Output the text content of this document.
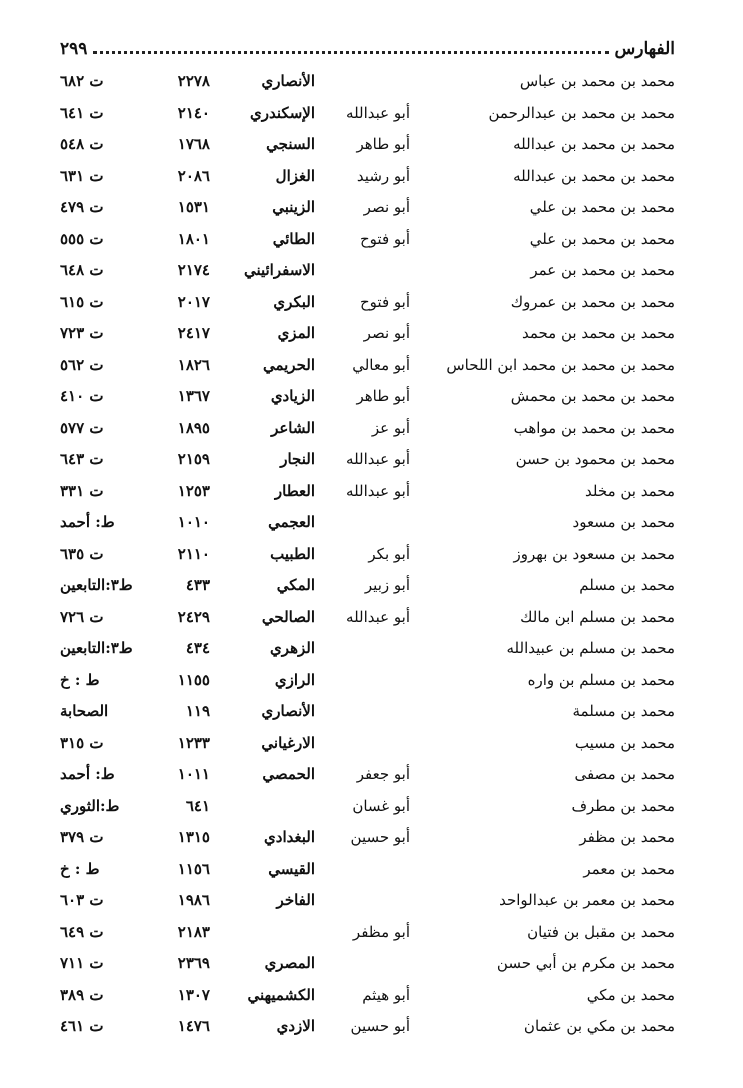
الفهارس
٢٩٩
محمد بن محمد بن عباس
الأنصاري
٢٢٧٨
ت ٦٨٢
محمد بن محمد بن عبدالرحمن
أبو عبدالله
الإسكندري
٢١٤٠
ت ٦٤١
محمد بن محمد بن عبدالله
أبو طاهر
السنجي
١٧٦٨
ت ٥٤٨
محمد بن محمد بن عبدالله
أبو رشيد
الغزال
٢٠٨٦
ت ٦٣١
محمد بن محمد بن علي
أبو نصر
الزينبي
١٥٣١
ت ٤٧٩
محمد بن محمد بن علي
أبو فتوح
الطائي
١٨٠١
ت ٥٥٥
محمد بن محمد بن عمر
الاسفرائيني
٢١٧٤
ت ٦٤٨
محمد بن محمد بن عمروك
أبو فتوح
البكري
٢٠١٧
ت ٦١٥
محمد بن محمد بن محمد
أبو نصر
المزي
٢٤١٧
ت ٧٢٣
محمد بن محمد بن محمد ابن اللحاس
أبو معالي
الحريمي
١٨٢٦
ت ٥٦٢
محمد بن محمد بن محمش
أبو طاهر
الزيادي
١٣٦٧
ت ٤١٠
محمد بن محمد بن مواهب
أبو عز
الشاعر
١٨٩٥
ت ٥٧٧
محمد بن محمود بن حسن
أبو عبدالله
النجار
٢١٥٩
ت ٦٤٣
محمد بن مخلد
أبو عبدالله
العطار
١٢٥٣
ت ٣٣١
محمد بن مسعود
العجمي
١٠١٠
ط: أحمد
محمد بن مسعود بن بهروز
أبو بكر
الطبيب
٢١١٠
ت ٦٣٥
محمد بن مسلم
أبو زبير
المكي
٤٣٣
ط٣:التابعين
محمد بن مسلم ابن مالك
أبو عبدالله
الصالحي
٢٤٢٩
ت ٧٢٦
محمد بن مسلم بن عبيدالله
الزهري
٤٣٤
ط٣:التابعين
محمد بن مسلم بن واره
الرازي
١١٥٥
ط : خ
محمد بن مسلمة
الأنصاري
١١٩
الصحابة
محمد بن مسيب
الارغياني
١٢٣٣
ت ٣١٥
محمد بن مصفى
أبو جعفر
الحمصي
١٠١١
ط: أحمد
محمد بن مطرف
أبو غسان
٦٤١
ط:الثوري
محمد بن مظفر
أبو حسين
البغدادي
١٣١٥
ت ٣٧٩
محمد بن معمر
القيسي
١١٥٦
ط : خ
محمد بن معمر بن عبدالواحد
الفاخر
١٩٨٦
ت ٦٠٣
محمد بن مقبل بن فتيان
أبو مظفر
٢١٨٣
ت ٦٤٩
محمد بن مكرم بن أبي حسن
المصري
٢٣٦٩
ت ٧١١
محمد بن مكي
أبو هيثم
الكشميهني
١٣٠٧
ت ٣٨٩
محمد بن مكي بن عثمان
أبو حسين
الازدي
١٤٧٦
ت ٤٦١
